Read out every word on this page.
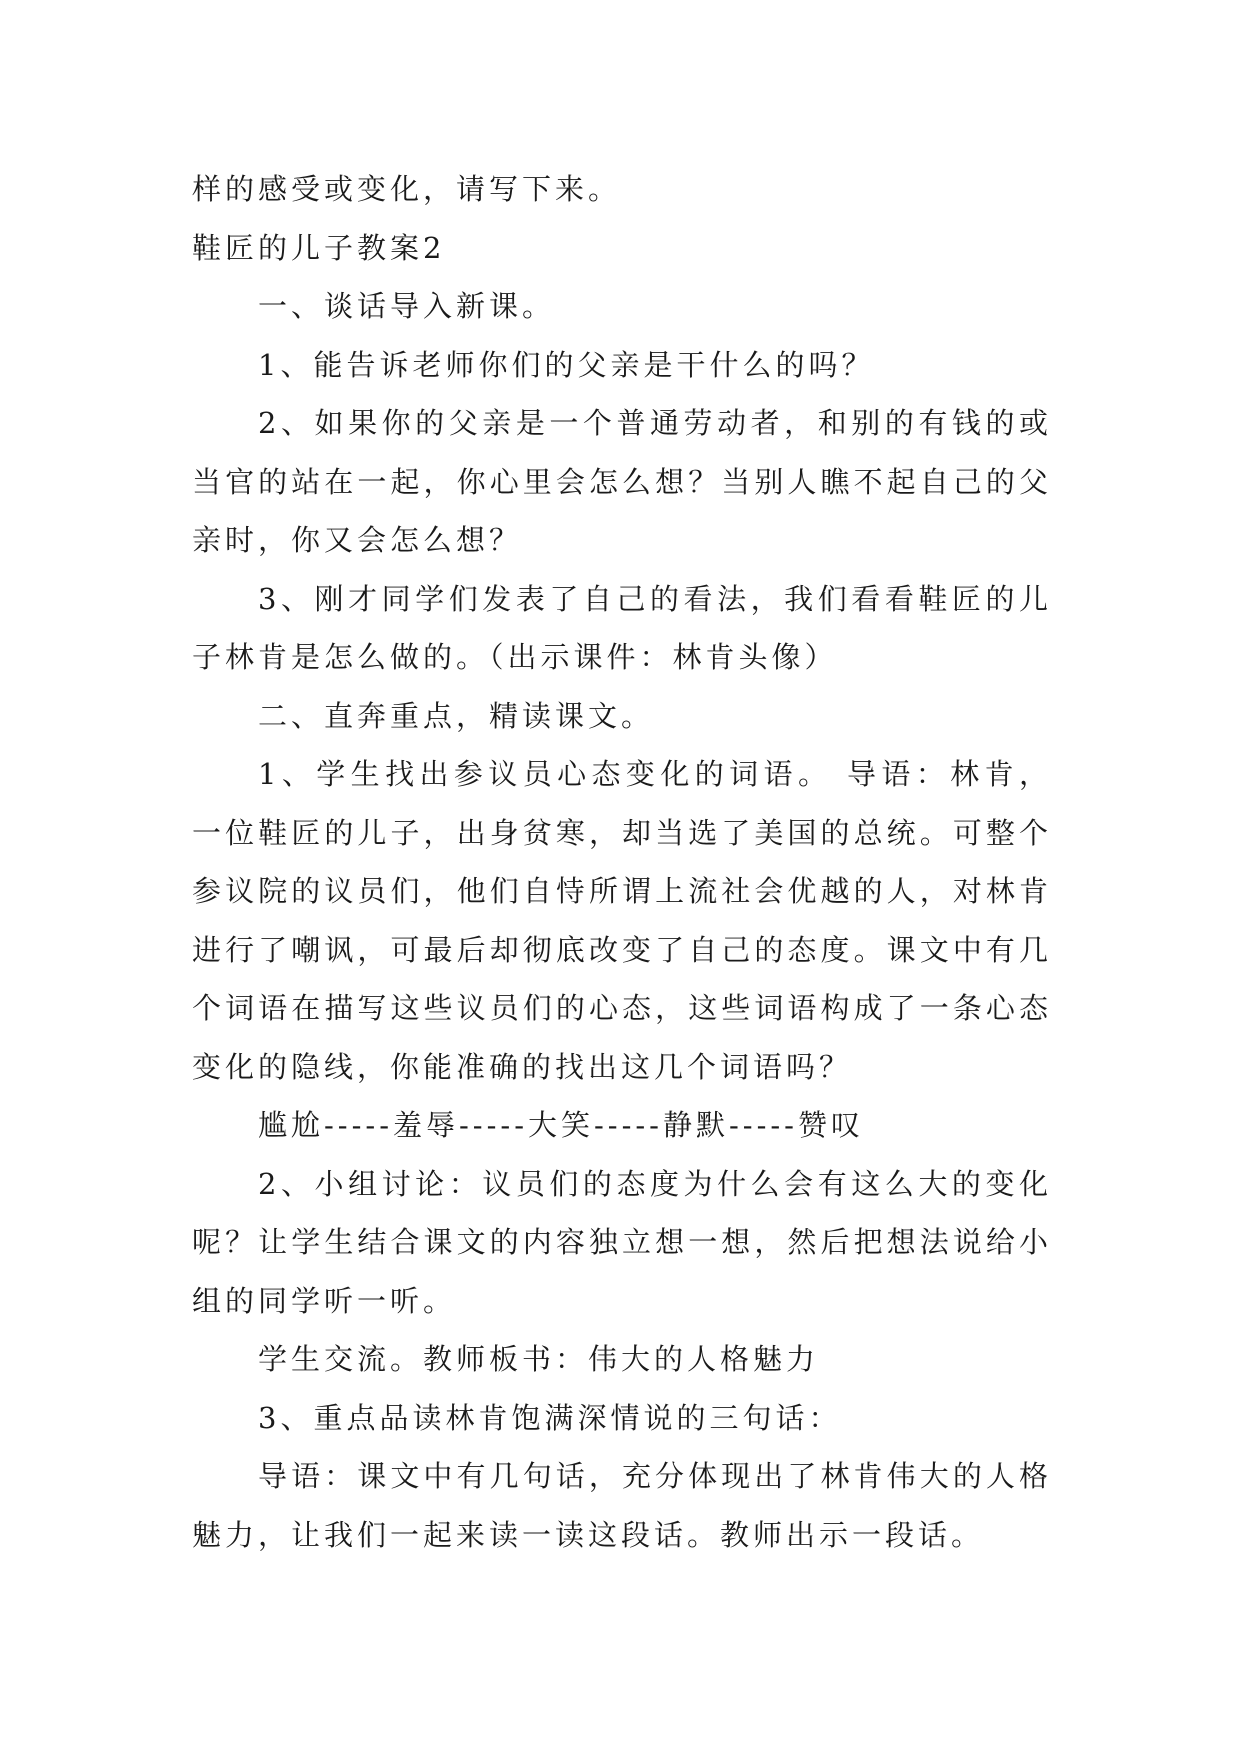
样的感受或变化，请写下来。

鞋匠的儿子教案2

一、谈话导入新课。

1、能告诉老师你们的父亲是干什么的吗？

2、如果你的父亲是一个普通劳动者，和别的有钱的或当官的站在一起，你心里会怎么想？当别人瞧不起自己的父亲时，你又会怎么想？

3、刚才同学们发表了自己的看法，我们看看鞋匠的儿子林肯是怎么做的。（出示课件：林肯头像）

二、直奔重点，精读课文。

1、学生找出参议员心态变化的词语。 导语：林肯，一位鞋匠的儿子，出身贫寒，却当选了美国的总统。可整个参议院的议员们，他们自恃所谓上流社会优越的人，对林肯进行了嘲讽，可最后却彻底改变了自己的态度。课文中有几个词语在描写这些议员们的心态，这些词语构成了一条心态变化的隐线，你能准确的找出这几个词语吗？

尴尬-----羞辱-----大笑-----静默-----赞叹

2、小组讨论：议员们的态度为什么会有这么大的变化呢？让学生结合课文的内容独立想一想，然后把想法说给小组的同学听一听。

学生交流。教师板书：伟大的人格魅力

3、重点品读林肯饱满深情说的三句话：

导语：课文中有几句话，充分体现出了林肯伟大的人格魅力，让我们一起来读一读这段话。教师出示一段话。
